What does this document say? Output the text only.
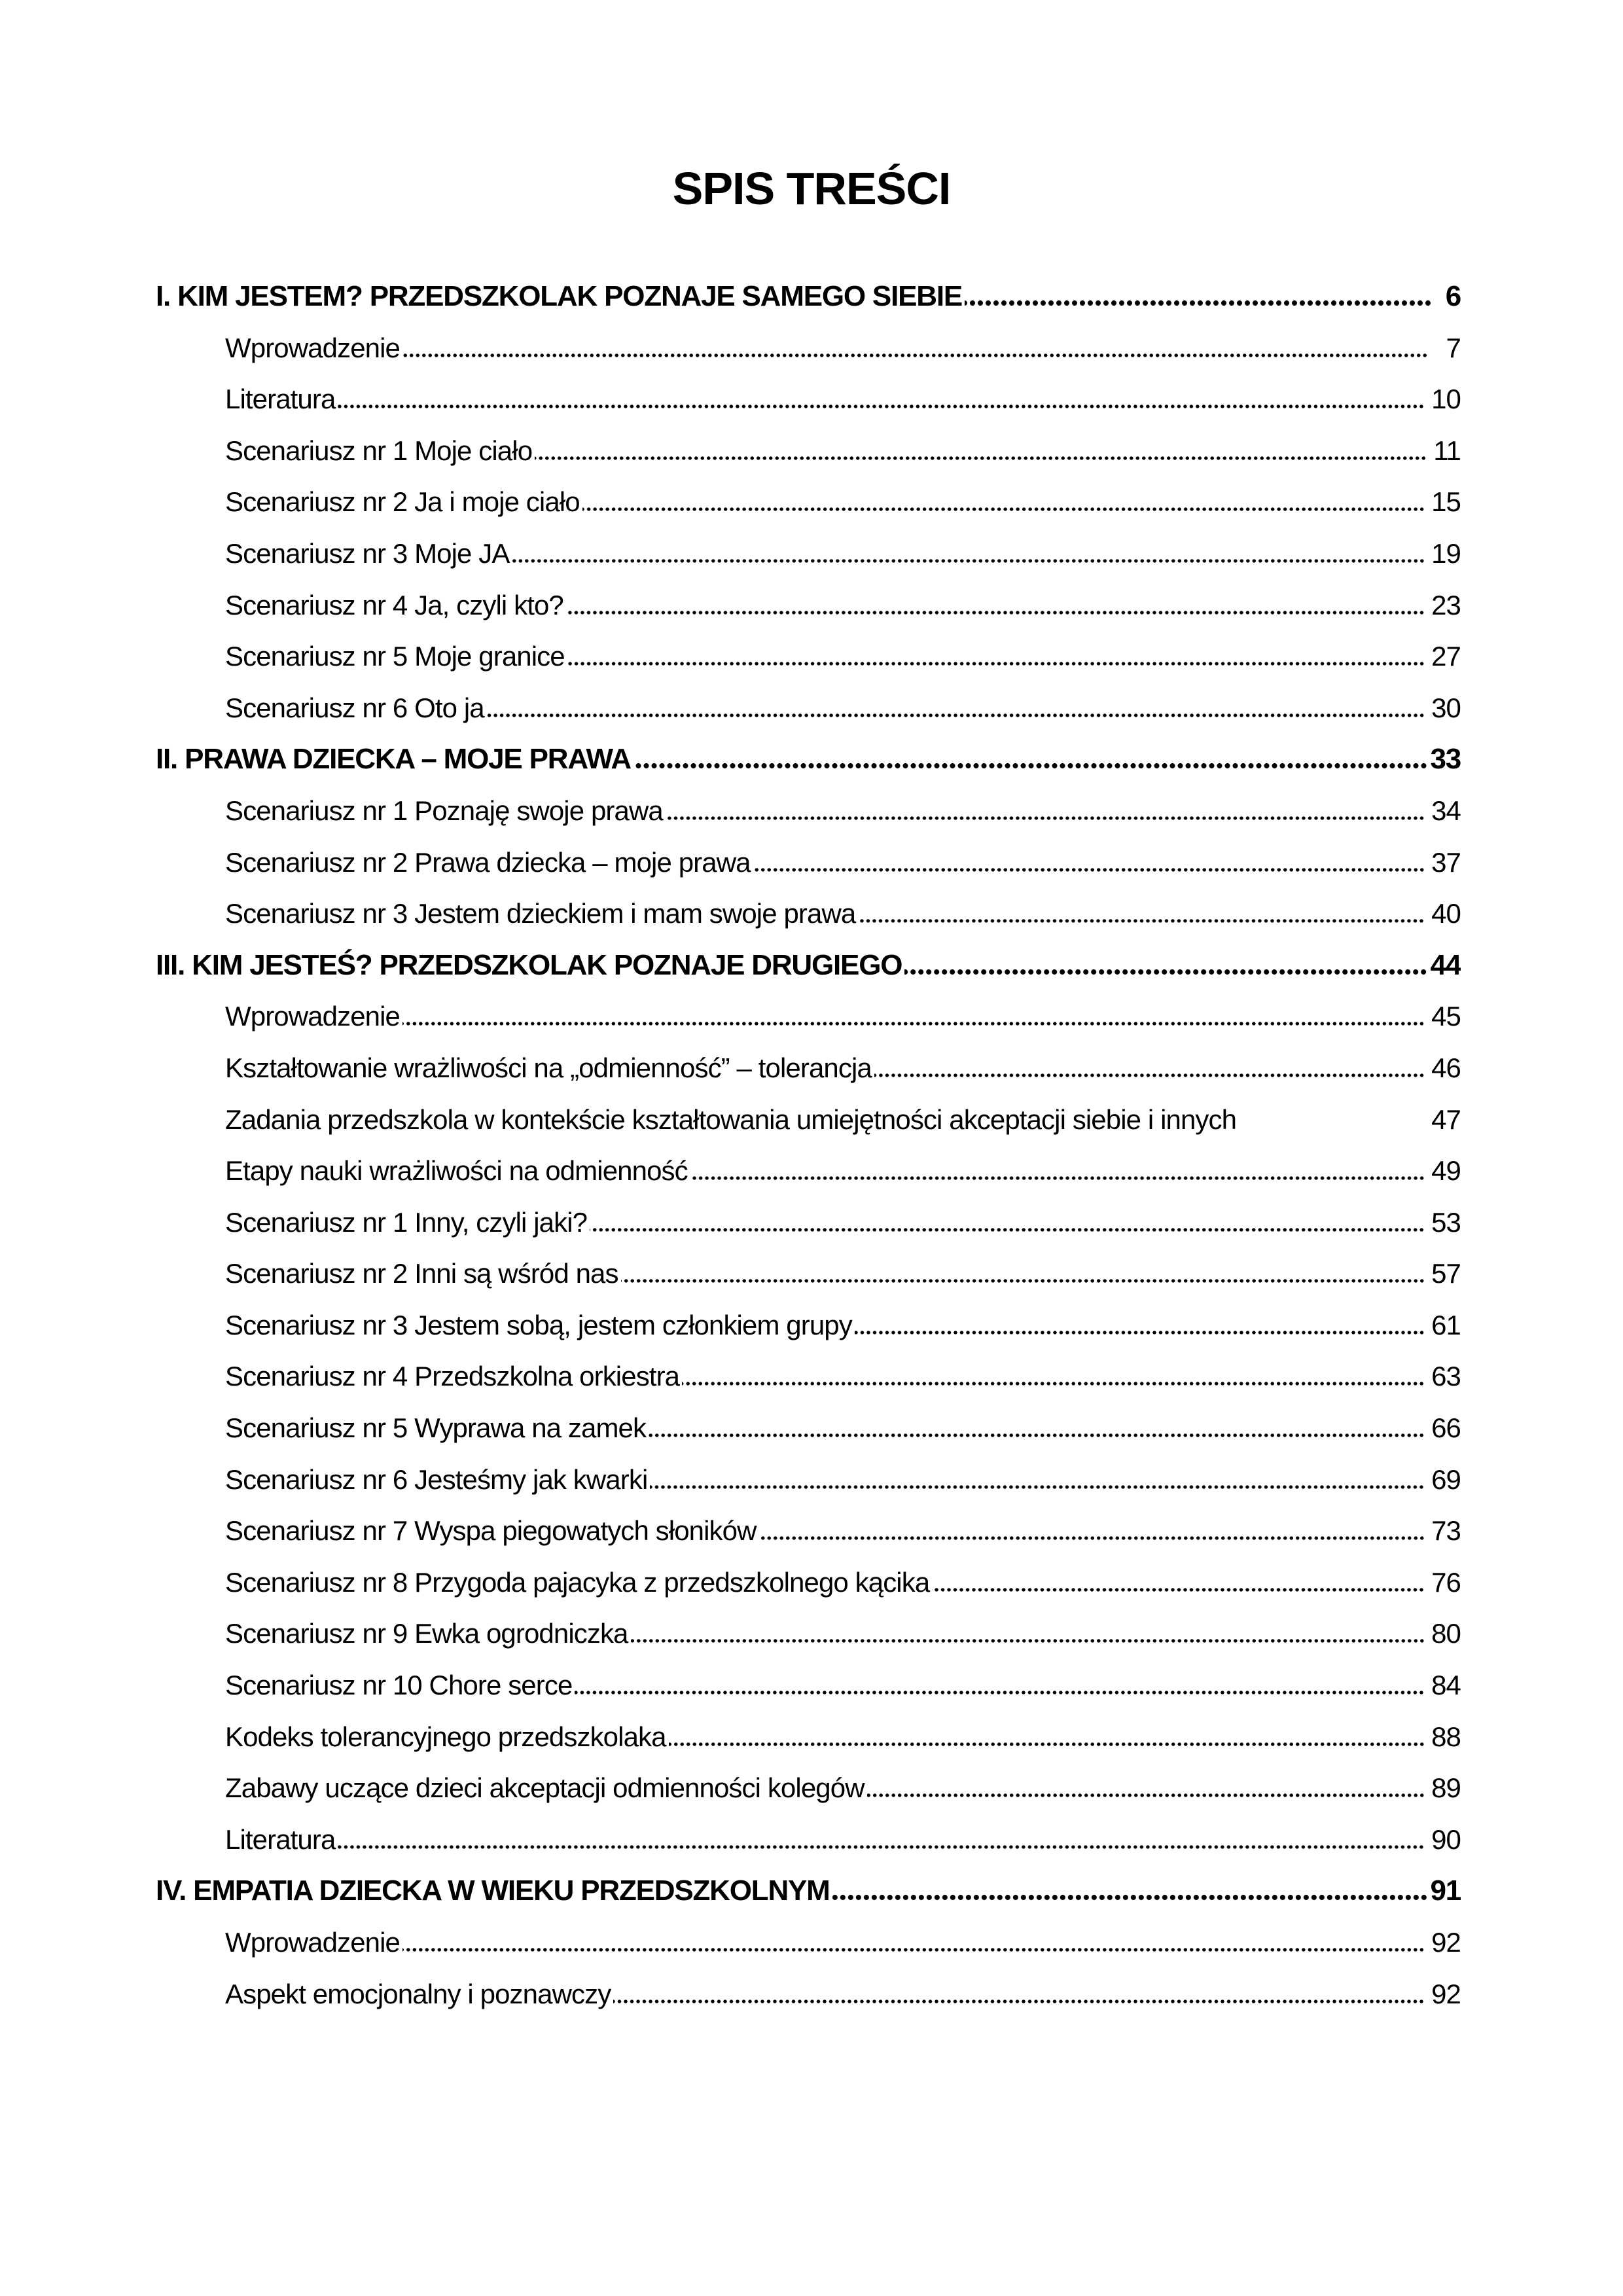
SPIS TREŚCI
I. KIM JESTEM? PRZEDSZKOLAK POZNAJE SAMEGO SIEBIE	6
Wprowadzenie	7
Literatura	10
Scenariusz nr 1 Moje ciało	11
Scenariusz nr 2 Ja i moje ciało	15
Scenariusz nr 3 Moje JA	19
Scenariusz nr 4 Ja, czyli kto?	23
Scenariusz nr 5 Moje granice	27
Scenariusz nr 6 Oto ja	30
II. PRAWA DZIECKA – MOJE PRAWA	33
Scenariusz nr 1 Poznaję swoje prawa	34
Scenariusz nr 2 Prawa dziecka – moje prawa	37
Scenariusz nr 3 Jestem dzieckiem i mam swoje prawa	40
III. KIM JESTEŚ? PRZEDSZKOLAK POZNAJE DRUGIEGO	44
Wprowadzenie	45
Kształtowanie wrażliwości na „odmienność” – tolerancja	46
Zadania przedszkola w kontekście kształtowania umiejętności akceptacji siebie i innych	47
Etapy nauki wrażliwości na odmienność	49
Scenariusz nr 1 Inny, czyli jaki?	53
Scenariusz nr 2 Inni są wśród nas	57
Scenariusz nr 3 Jestem sobą, jestem członkiem grupy	61
Scenariusz nr 4 Przedszkolna orkiestra	63
Scenariusz nr 5 Wyprawa na zamek	66
Scenariusz nr 6 Jesteśmy jak kwarki	69
Scenariusz nr 7 Wyspa piegowatych słoników	73
Scenariusz nr 8 Przygoda pajacyka z przedszkolnego kącika	76
Scenariusz nr 9 Ewka ogrodniczka	80
Scenariusz nr 10 Chore serce	84
Kodeks tolerancyjnego przedszkolaka	88
Zabawy uczące dzieci akceptacji odmienności kolegów	89
Literatura	90
IV. EMPATIA DZIECKA W WIEKU PRZEDSZKOLNYM	91
Wprowadzenie	92
Aspekt emocjonalny i poznawczy	92
